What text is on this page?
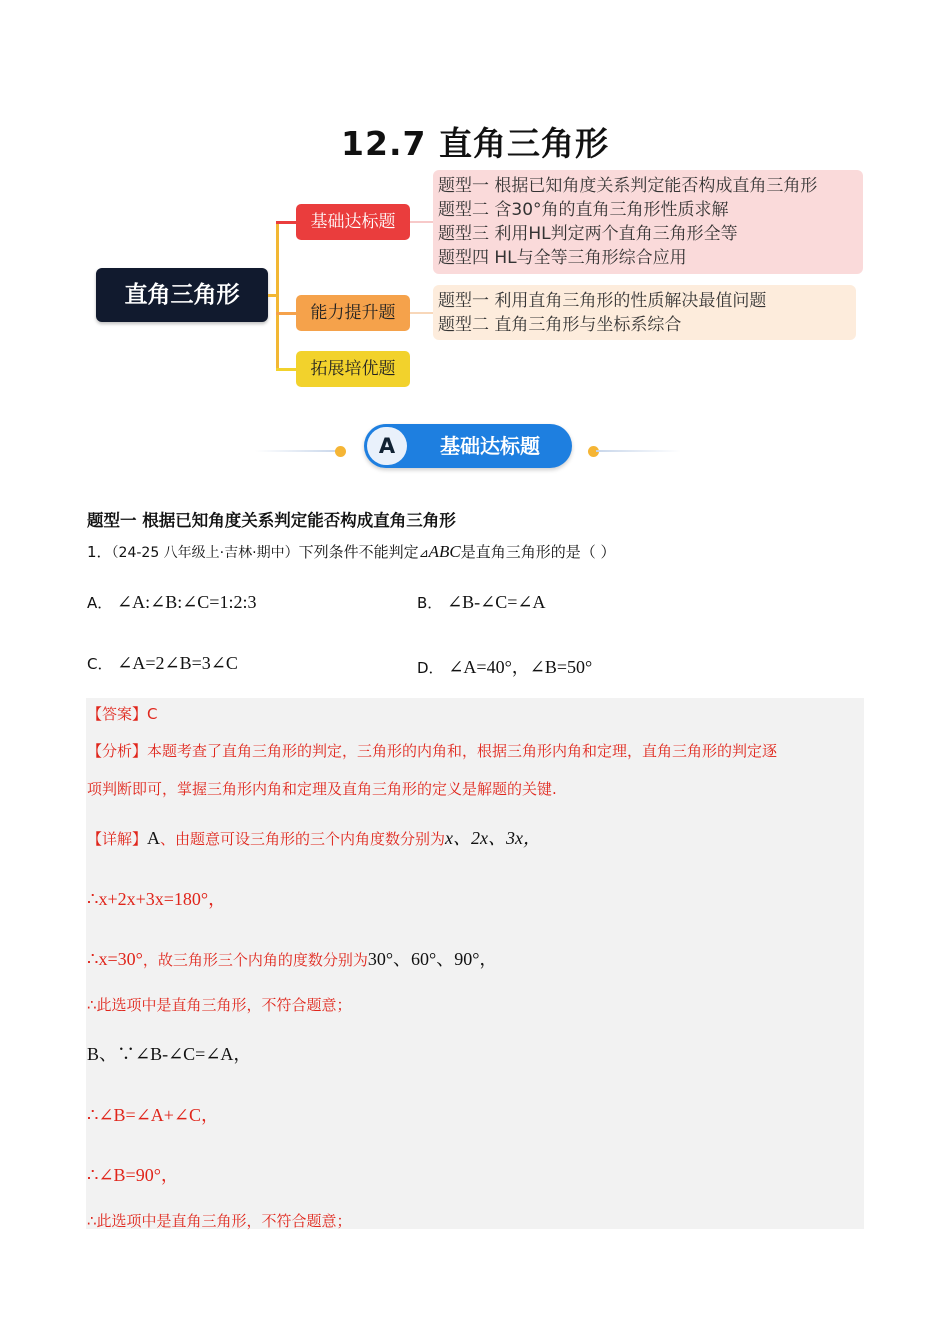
12.7 直角三角形
直角三角形
基础达标题
能力提升题
拓展培优题
题型一 根据已知角度关系判定能否构成直角三角形
题型二 含30°角的直角三角形性质求解
题型三 利用HL判定两个直角三角形全等
题型四 HL与全等三角形综合应用
题型一 利用直角三角形的性质解决最值问题
题型二 直角三角形与坐标系综合
A	基础达标题
题型一 根据已知角度关系判定能否构成直角三角形
1．（24-25 八年级上·吉林·期中）下列条件不能判定⊿ABC是直角三角形的是（ ）
A． ∠A:∠B:∠C=1:2:3	B． ∠B-∠C=∠A
C． ∠A=2∠B=3∠C	D． ∠A=40°，∠B=50°
【答案】C
【分析】本题考查了直角三角形的判定，三角形的内角和，根据三角形内角和定理，直角三角形的判定逐
项判断即可，掌握三角形内角和定理及直角三角形的定义是解题的关键.
【详解】A、由题意可设三角形的三个内角度数分别为x、2x、3x，
∴x+2x+3x=180°，
∴x=30°，故三角形三个内角的度数分别为30°、60°、90°，
∴此选项中是直角三角形，不符合题意；
B、∵∠B-∠C=∠A，
∴∠B=∠A+∠C，
∴∠B=90°，
∴此选项中是直角三角形，不符合题意；
